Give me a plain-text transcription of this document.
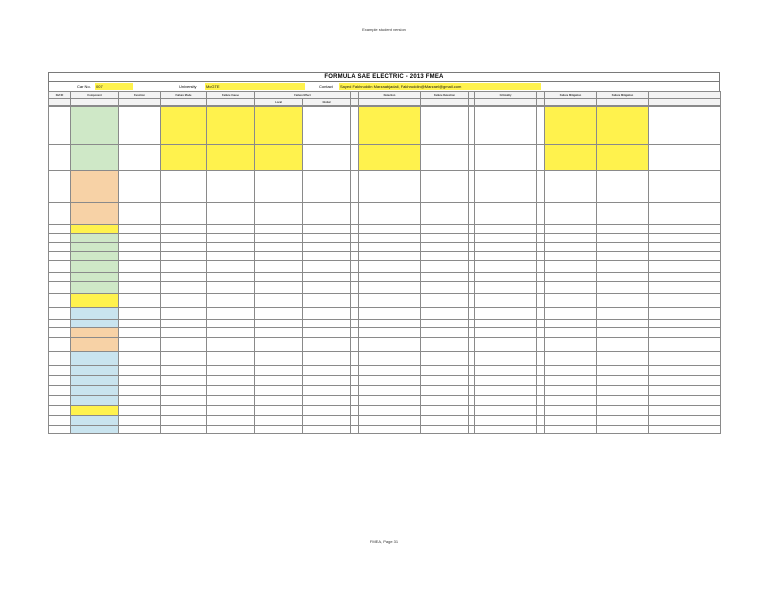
Example student version
FORMULA SAE ELECTRIC - 2013 FMEA
Car No. 007	University McGTE	Contact Sayed Fakhruddin Marzaabjadali, Fakhruddin@Marzael@gmail.com
Ref ID	Component	Function	Failure Mode	Failure Cause	Failure Effect			Detection	Failure Detection		Criticality		Failure Mitigation	Failure Mitigation	
					Local	Global									

FMEA, Page 31
